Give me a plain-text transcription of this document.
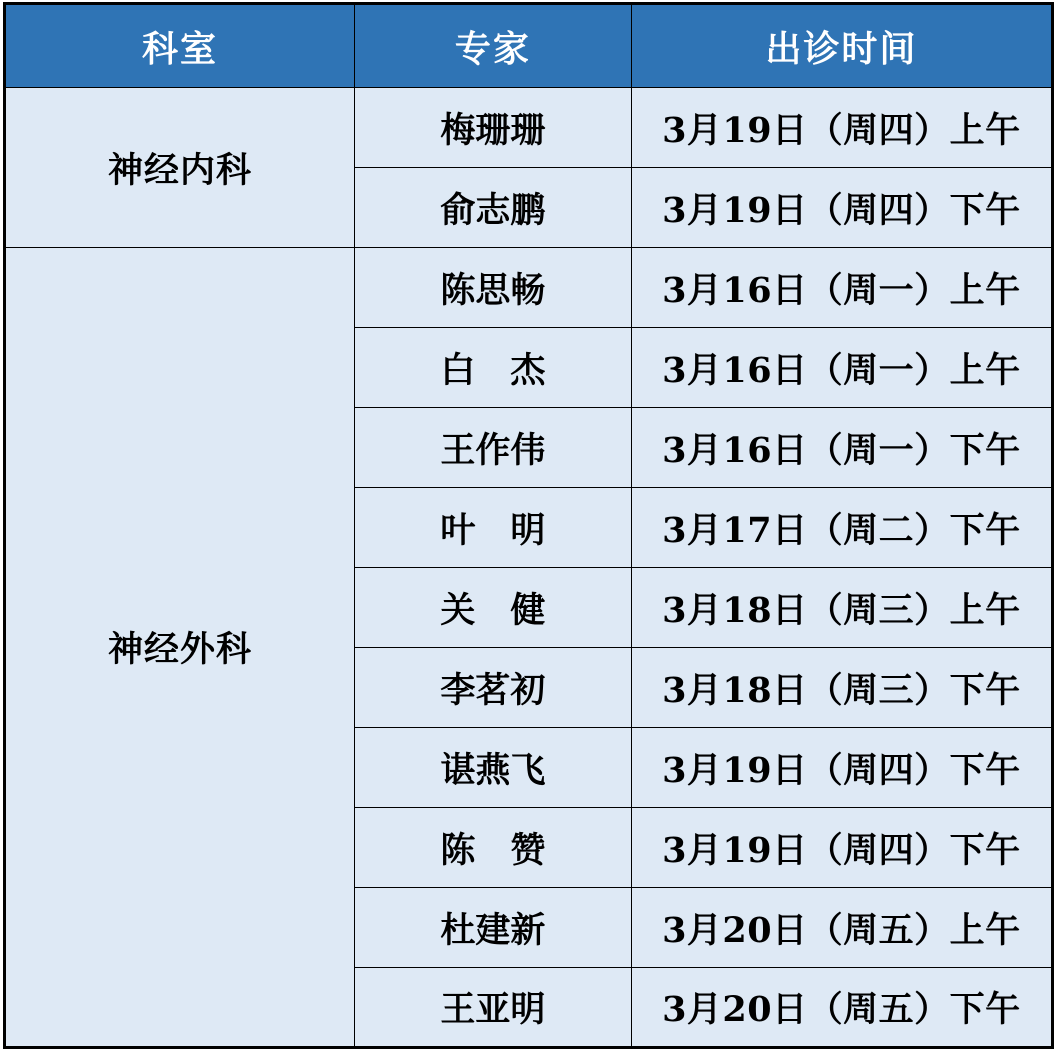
科室	专家	出诊时间
神经内科	梅珊珊	3月19日（周四）上午
	俞志鹏	3月19日（周四）下午
神经外科	陈思畅	3月16日（周一）上午
	白　杰	3月16日（周一）上午
	王作伟	3月16日（周一）下午
	叶　明	3月17日（周二）下午
	关　健	3月18日（周三）上午
	李茗初	3月18日（周三）下午
	谌燕飞	3月19日（周四）下午
	陈　赞	3月19日（周四）下午
	杜建新	3月20日（周五）上午
	王亚明	3月20日（周五）下午
